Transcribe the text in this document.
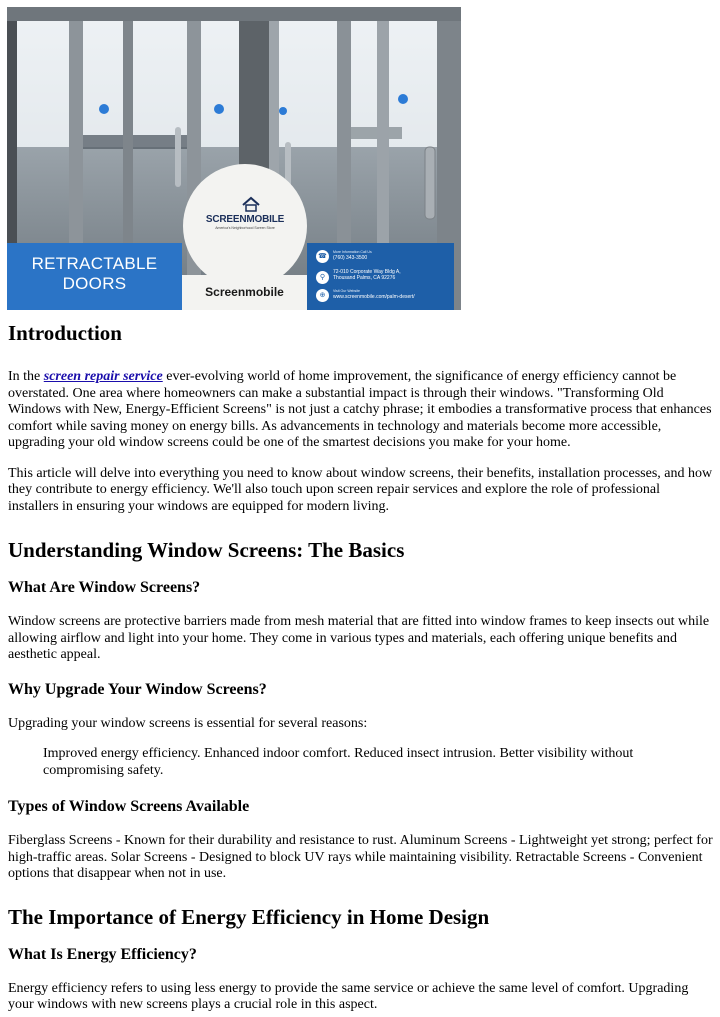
SCREENMOBILE
America's Neighborhood Screen Store
RETRACTABLE
DOORS	Screenmobile
☎	More Information Call Us
(760) 343-3500
⚲
72-010 Corporate Way Bldg A,
Thousand Palms, CA 92276
⊕	Visit Our Website
www.screenmobile.com/palm-desert/
Introduction

In the screen repair service ever-evolving world of home improvement, the significance of energy efficiency cannot be overstated. One area where homeowners can make a substantial impact is through their windows. "Transforming Old Windows with New, Energy-Efficient Screens" is not just a catchy phrase; it embodies a transformative process that enhances comfort while saving money on energy bills. As advancements in technology and materials become more accessible, upgrading your old window screens could be one of the smartest decisions you make for your home.

This article will delve into everything you need to know about window screens, their benefits, installation processes, and how they contribute to energy efficiency. We'll also touch upon screen repair services and explore the role of professional installers in ensuring your windows are equipped for modern living.

Understanding Window Screens: The Basics
What Are Window Screens?

Window screens are protective barriers made from mesh material that are fitted into window frames to keep insects out while allowing airflow and light into your home. They come in various types and materials, each offering unique benefits and aesthetic appeal.

Why Upgrade Your Window Screens?

Upgrading your window screens is essential for several reasons:

Improved energy efficiency. Enhanced indoor comfort. Reduced insect intrusion. Better visibility without compromising safety.

Types of Window Screens Available

Fiberglass Screens - Known for their durability and resistance to rust. Aluminum Screens - Lightweight yet strong; perfect for high-traffic areas. Solar Screens - Designed to block UV rays while maintaining visibility. Retractable Screens - Convenient options that disappear when not in use.

The Importance of Energy Efficiency in Home Design
What Is Energy Efficiency?

Energy efficiency refers to using less energy to provide the same service or achieve the same level of comfort. Upgrading your windows with new screens plays a crucial role in this aspect.
